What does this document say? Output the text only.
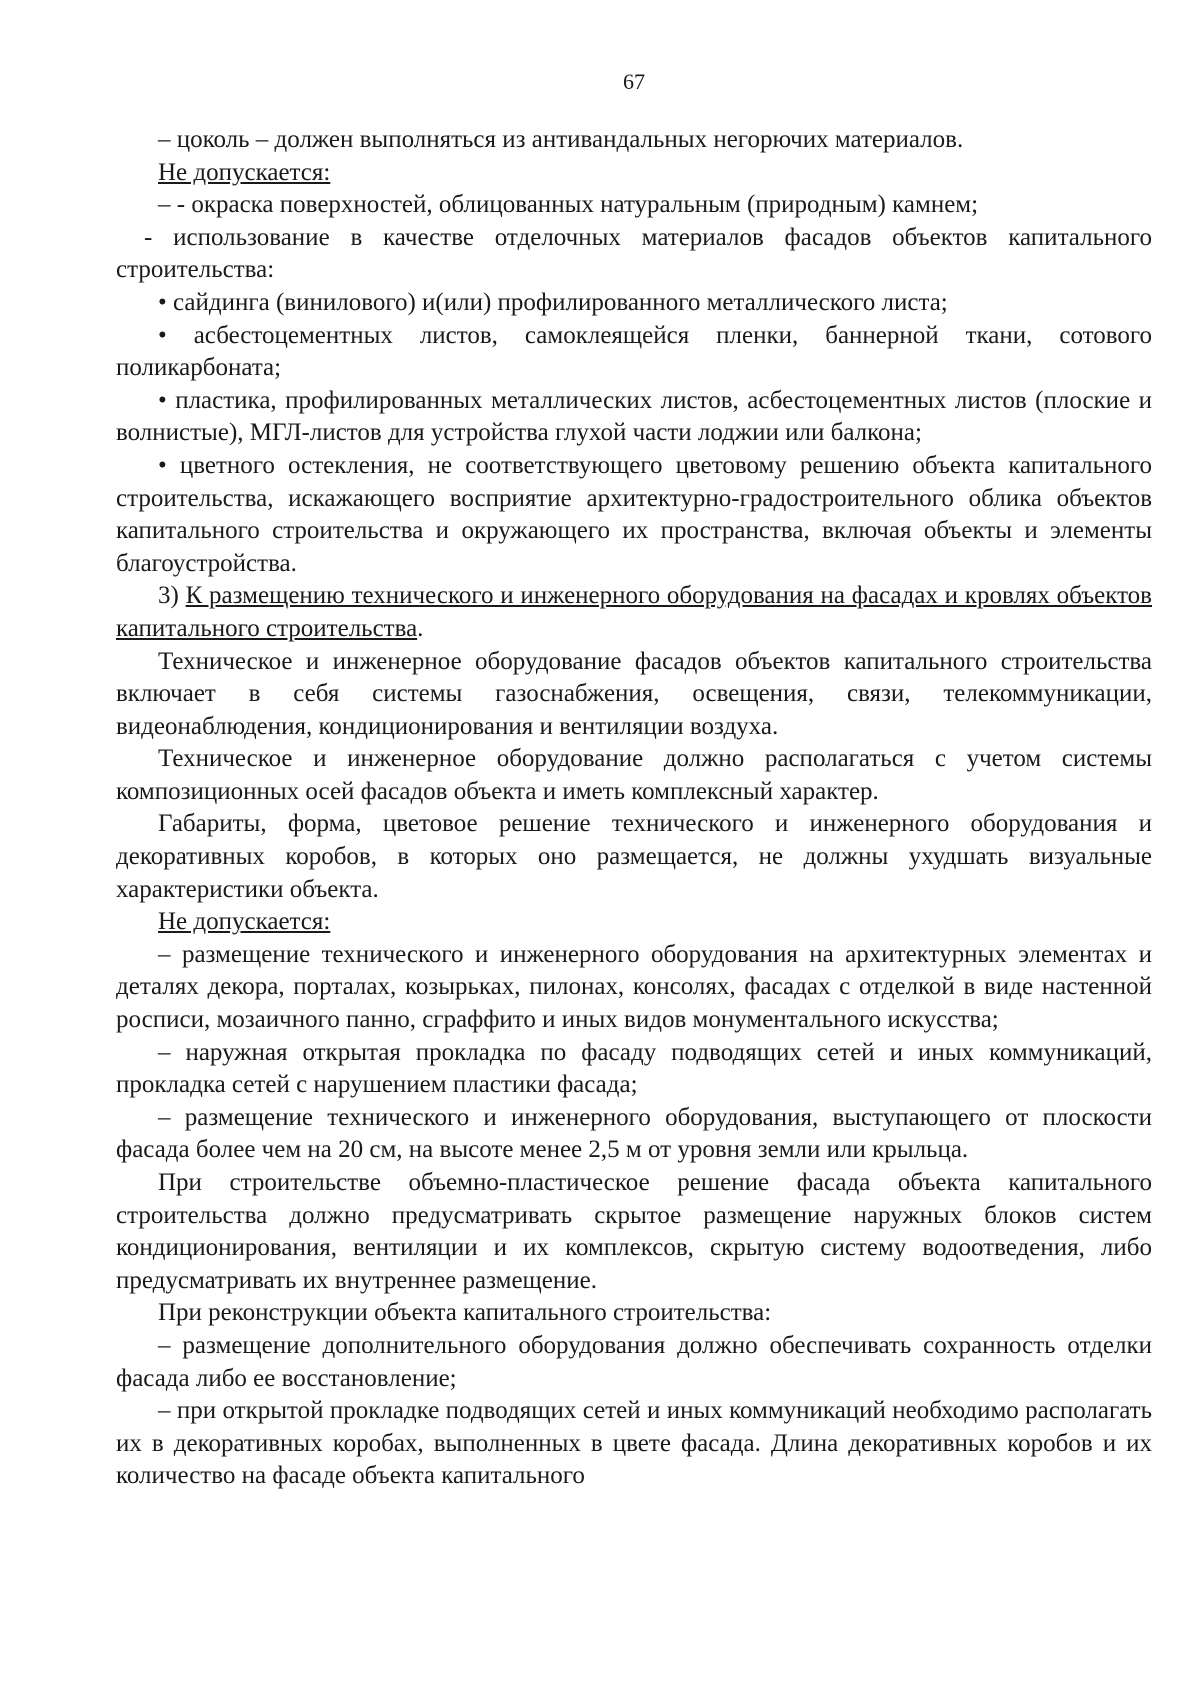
67

– цоколь – должен выполняться из антивандальных негорючих материалов.

Не допускается:

– - окраска поверхностей, облицованных натуральным (природным) камнем;

- использование в качестве отделочных материалов фасадов объектов капитального строительства:

• сайдинга (винилового) и(или) профилированного металлического листа;

• асбестоцементных листов, самоклеящейся пленки, баннерной ткани, сотового поликарбоната;

• пластика, профилированных металлических листов, асбестоцементных листов (плоские и волнистые), МГЛ-листов для устройства глухой части лоджии или балкона;

• цветного остекления, не соответствующего цветовому решению объекта капитального строительства, искажающего восприятие архитектурно-градостроительного облика объектов капитального строительства и окружающего их пространства, включая объекты и элементы благоустройства.

3) К размещению технического и инженерного оборудования на фасадах и кровлях объектов капитального строительства.

Техническое и инженерное оборудование фасадов объектов капитального строительства включает в себя системы газоснабжения, освещения, связи, телекоммуникации, видеонаблюдения, кондиционирования и вентиляции воздуха.

Техническое и инженерное оборудование должно располагаться с учетом системы композиционных осей фасадов объекта и иметь комплексный характер.

Габариты, форма, цветовое решение технического и инженерного оборудования и декоративных коробов, в которых оно размещается, не должны ухудшать визуальные характеристики объекта.

Не допускается:

– размещение технического и инженерного оборудования на архитектурных элементах и деталях декора, порталах, козырьках, пилонах, консолях, фасадах с отделкой в виде настенной росписи, мозаичного панно, сграффито и иных видов монументального искусства;

– наружная открытая прокладка по фасаду подводящих сетей и иных коммуникаций, прокладка сетей с нарушением пластики фасада;

– размещение технического и инженерного оборудования, выступающего от плоскости фасада более чем на 20 см, на высоте менее 2,5 м от уровня земли или крыльца.

При строительстве объемно-пластическое решение фасада объекта капитального строительства должно предусматривать скрытое размещение наружных блоков систем кондиционирования, вентиляции и их комплексов, скрытую систему водоотведения, либо предусматривать их внутреннее размещение.

При реконструкции объекта капитального строительства:

– размещение дополнительного оборудования должно обеспечивать сохранность отделки фасада либо ее восстановление;

– при открытой прокладке подводящих сетей и иных коммуникаций необходимо располагать их в декоративных коробах, выполненных в цвете фасада. Длина декоративных коробов и их количество на фасаде объекта капитального
